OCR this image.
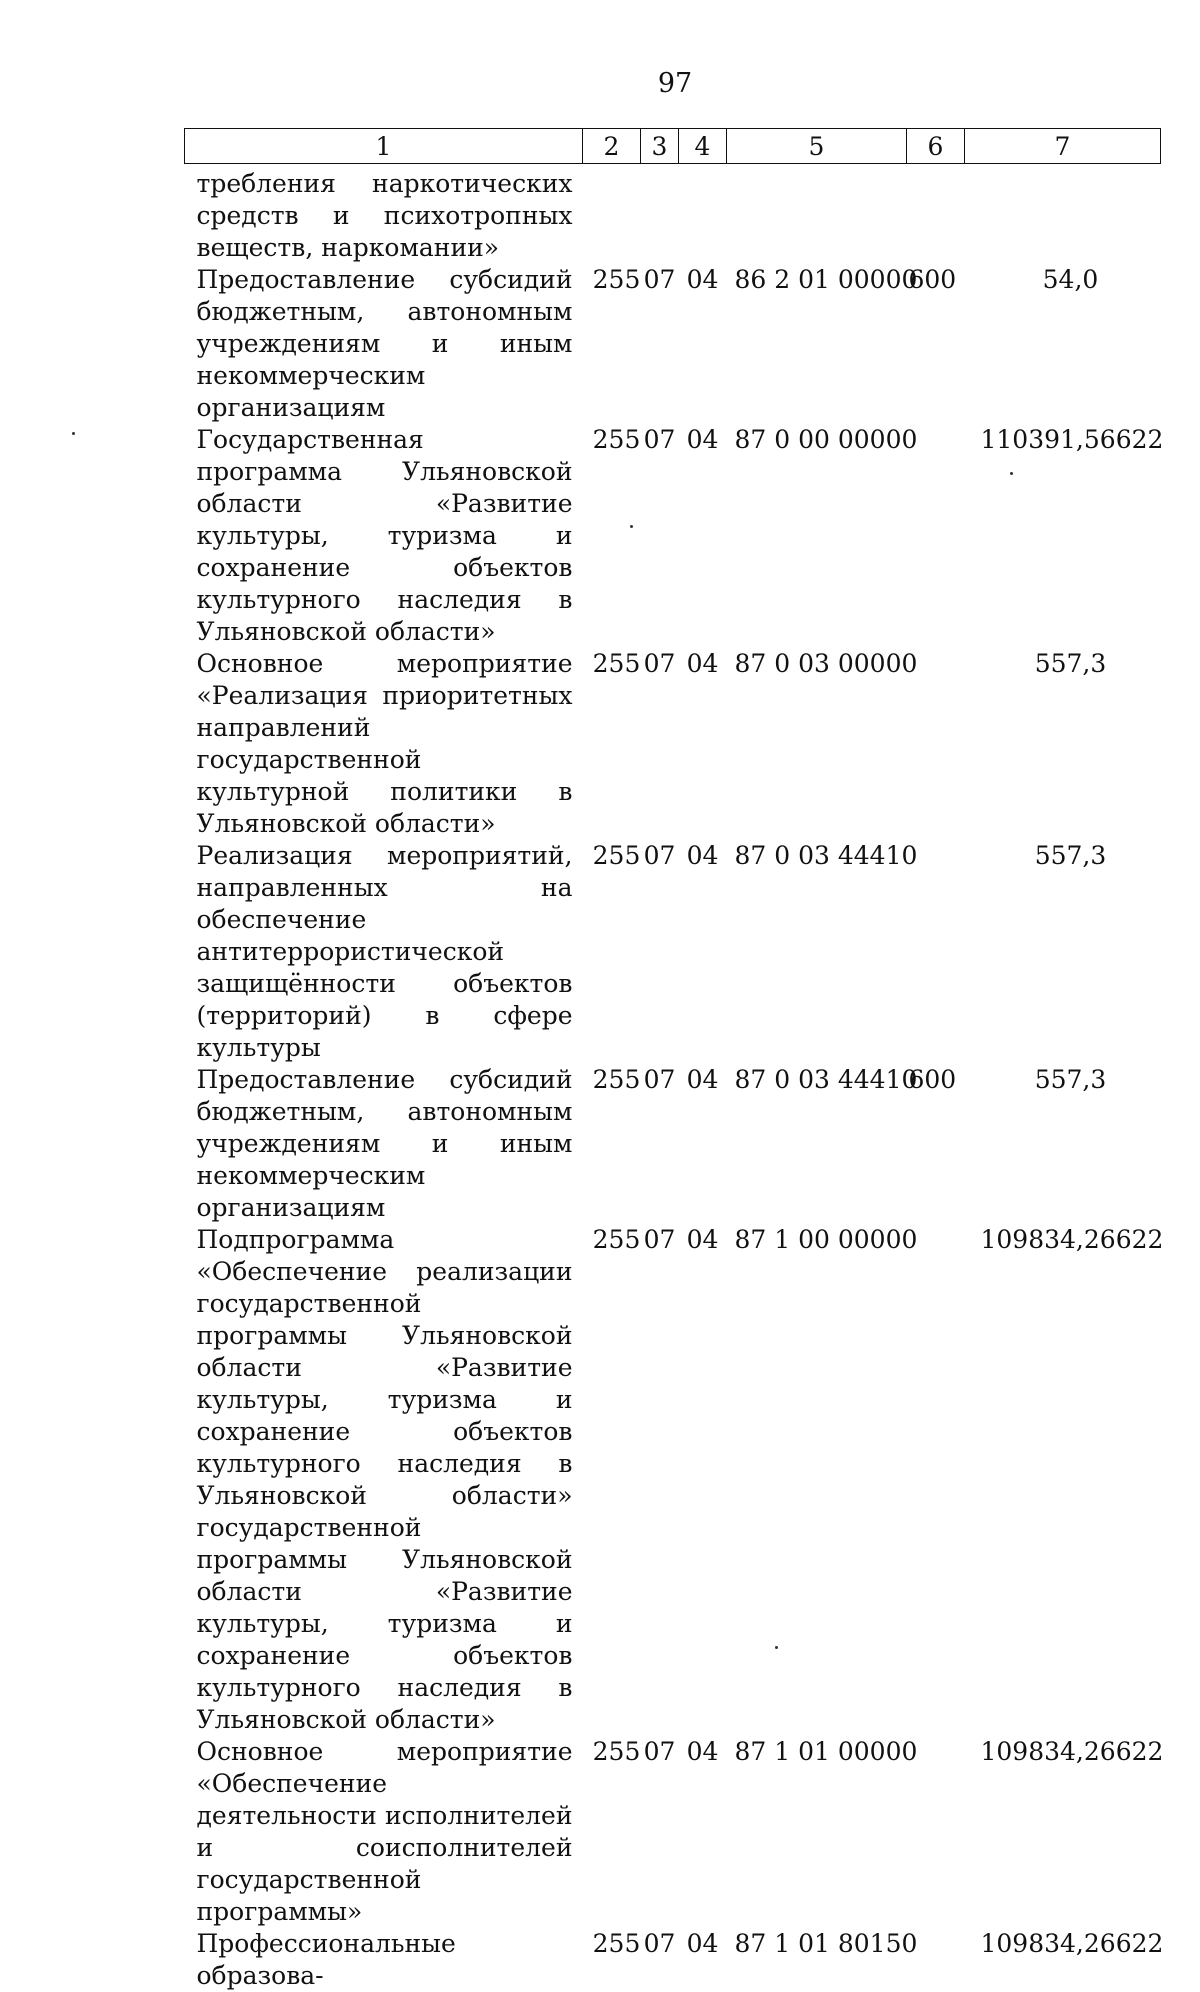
97
1	2	3	4	5	6	7
требления наркотических средств и психотропных веществ, наркомании»						
Предоставление субсидий бюджетным, автономным учреждениям и иным некоммерческим организациям	255	07	04	86 2 01 00000	600	54,0
Государственная программа Ульяновской области «Развитие культуры, туризма и сохранение объектов культурного наследия в Ульяновской области»	255	07	04	87 0 00 00000		110391,56622
Основное мероприятие «Реализация приоритетных направлений государственной культурной политики в Ульяновской области»	255	07	04	87 0 03 00000		557,3
Реализация мероприятий, направленных на обеспечение антитеррористической защищённости объектов (территорий) в сфере культуры	255	07	04	87 0 03 44410		557,3
Предоставление субсидий бюджетным, автономным учреждениям и иным некоммерческим организациям	255	07	04	87 0 03 44410	600	557,3
Подпрограмма «Обеспечение реализации государственной программы Ульяновской области «Развитие культуры, туризма и сохранение объектов культурного наследия в Ульяновской области» государственной программы Ульяновской области «Развитие культуры, туризма и сохранение объектов культурного наследия в Ульяновской области»	255	07	04	87 1 00 00000		109834,26622
Основное мероприятие «Обеспечение деятельности исполнителей и соисполнителей государственной программы»	255	07	04	87 1 01 00000		109834,26622
Профессиональные образова-	255	07	04	87 1 01 80150		109834,26622
